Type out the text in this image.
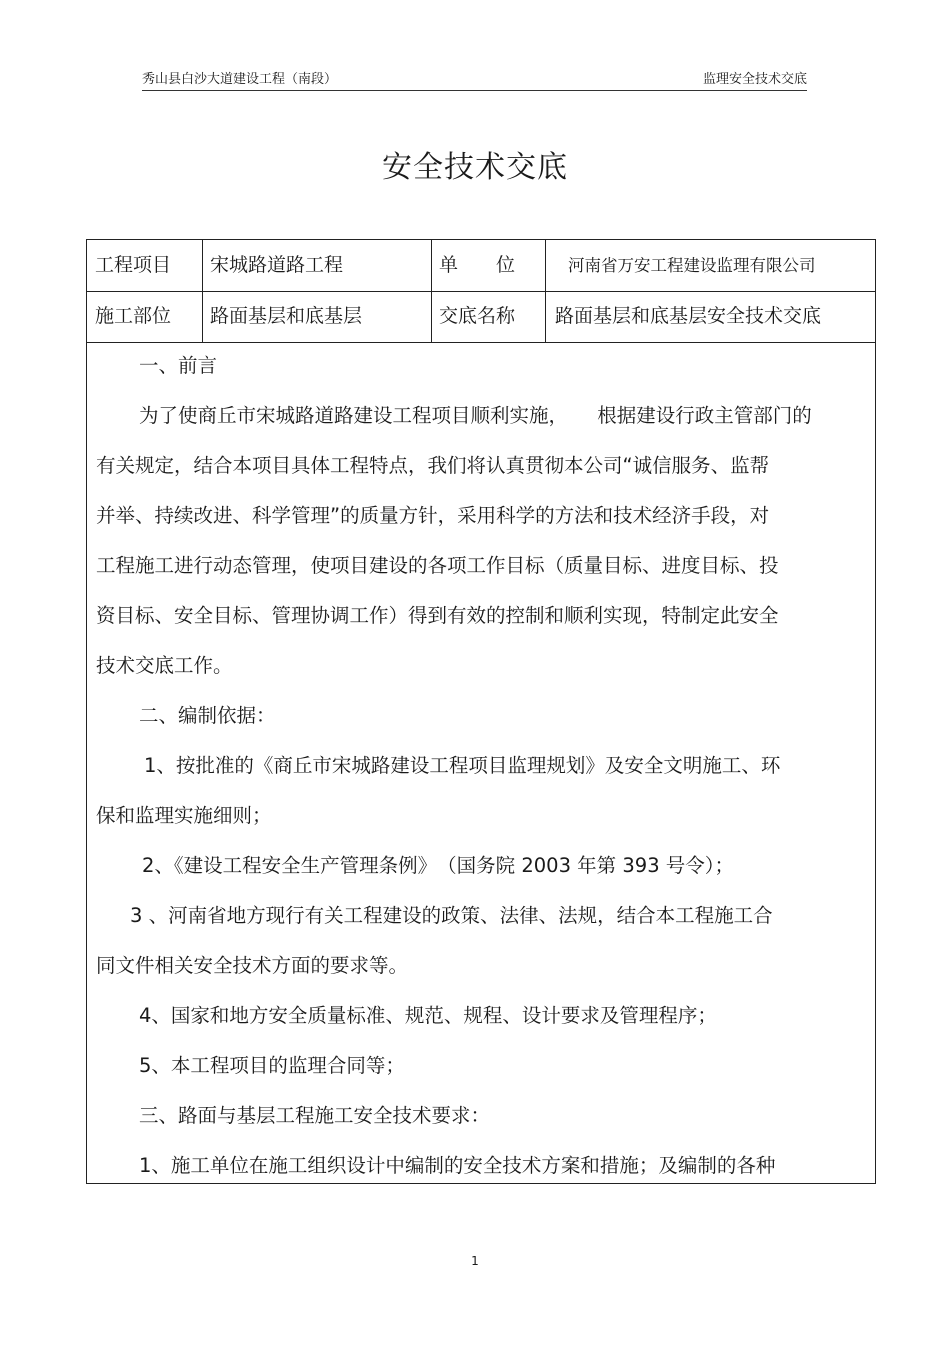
秀山县白沙大道建设工程（南段）	监理安全技术交底
安全技术交底
工程项目	宋城路道路工程	单 位	河南省万安工程建设监理有限公司
施工部位	路面基层和底基层	交底名称	路面基层和底基层安全技术交底
一、前言
为了使商丘市宋城路道路建设工程项目顺利实施，　　根据建设行政主管部门的
有关规定，结合本项目具体工程特点，我们将认真贯彻本公司“诚信服务、监帮
并举、持续改进、科学管理”的质量方针，采用科学的方法和技术经济手段，对
工程施工进行动态管理，使项目建设的各项工作目标（质量目标、进度目标、投
资目标、安全目标、管理协调工作）得到有效的控制和顺利实现，特制定此安全
技术交底工作。
二、编制依据：
1、按批准的《商丘市宋城路建设工程项目监理规划》及安全文明施工、环
保和监理实施细则；
2、《建设工程安全生产管理条例》　（国务院 2003 年第 393 号令）；
3 、河南省地方现行有关工程建设的政策、法律、法规，结合本工程施工合
同文件相关安全技术方面的要求等。
4、国家和地方安全质量标准、规范、规程、设计要求及管理程序；
5、本工程项目的监理合同等；
三、路面与基层工程施工安全技术要求：
1、施工单位在施工组织设计中编制的安全技术方案和措施；及编制的各种
1
